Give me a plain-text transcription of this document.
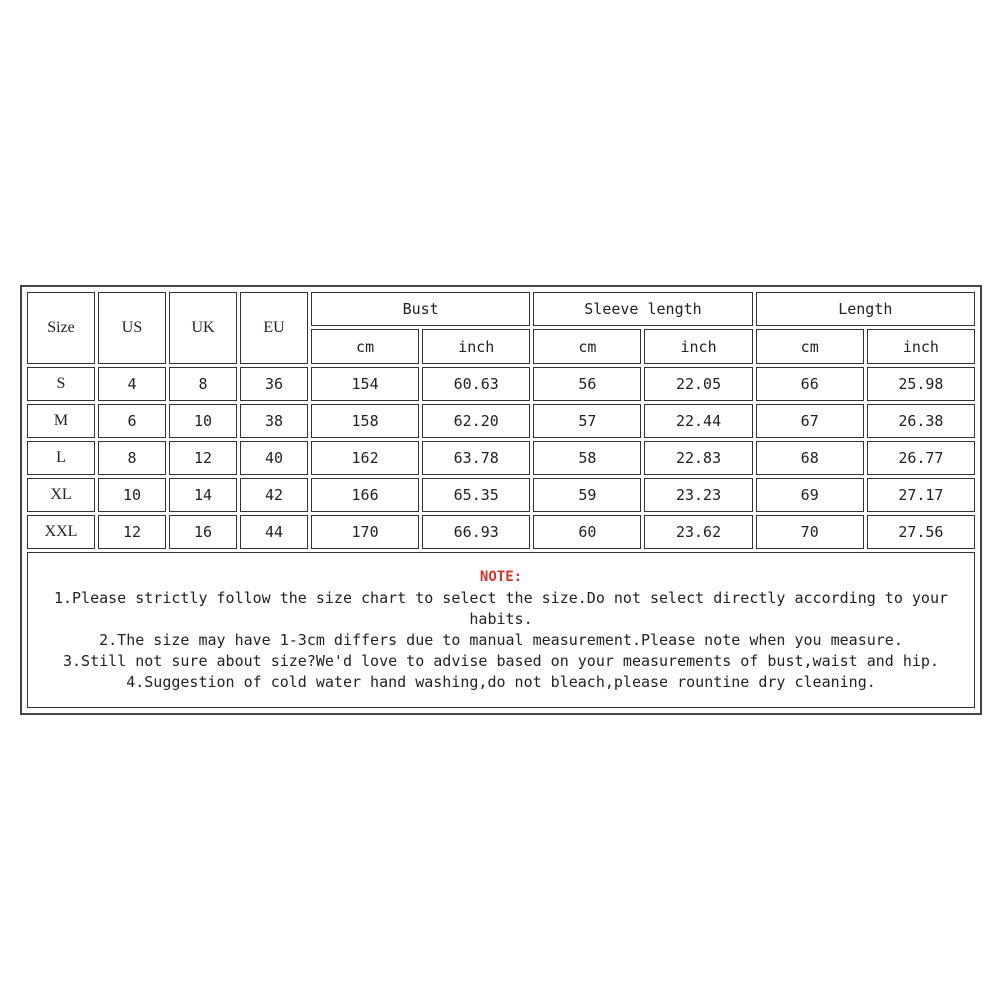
Size	US	UK	EU	Bust		Sleeve length		Length	
				cm	inch	cm	inch	cm	inch
S	4	8	36	154	60.63	56	22.05	66	25.98
M	6	10	38	158	62.20	57	22.44	67	26.38
L	8	12	40	162	63.78	58	22.83	68	26.77
XL	10	14	42	166	65.35	59	23.23	69	27.17
XXL	12	16	44	170	66.93	60	23.62	70	27.56
NOTE:
1.Please strictly follow the size chart to select the size.Do not select directly according to your habits.
2.The size may have 1-3cm differs due to manual measurement.Please note when you measure.
3.Still not sure about size?We'd love to advise based on your measurements of bust,waist and hip.
4.Suggestion of cold water hand washing,do not bleach,please rountine dry cleaning.
